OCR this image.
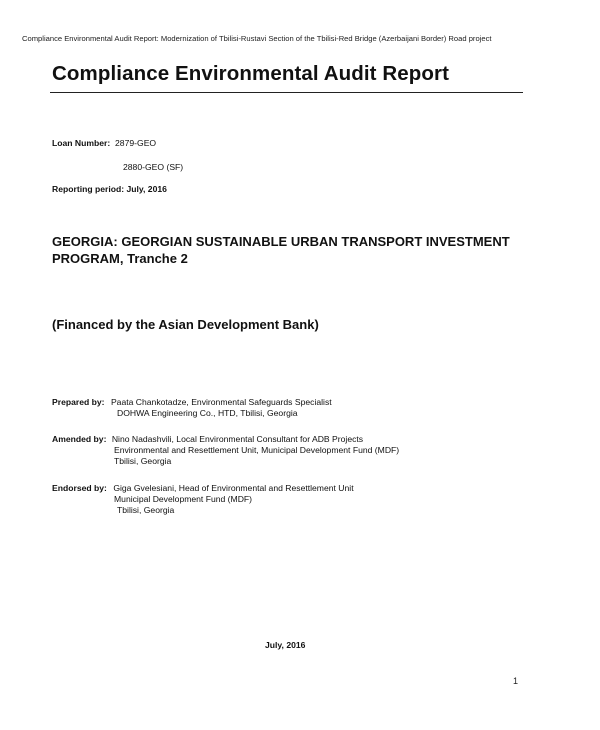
Compliance Environmental Audit Report: Modernization of Tbilisi-Rustavi Section of the Tbilisi-Red Bridge (Azerbaijani Border) Road project
Compliance Environmental Audit Report
Loan Number: 2879-GEO
2880-GEO (SF)
Reporting period: July, 2016
GEORGIA: GEORGIAN SUSTAINABLE URBAN TRANSPORT INVESTMENT
PROGRAM, Tranche 2
(Financed by the Asian Development Bank)
Prepared by: Paata Chankotadze, Environmental Safeguards Specialist
DOHWA Engineering Co., HTD, Tbilisi, Georgia
Amended by: Nino Nadashvili, Local Environmental Consultant for ADB Projects
Environmental and Resettlement Unit, Municipal Development Fund (MDF)
Tbilisi, Georgia
Endorsed by: Giga Gvelesiani, Head of Environmental and Resettlement Unit
Municipal Development Fund (MDF)
Tbilisi, Georgia
July, 2016
1
